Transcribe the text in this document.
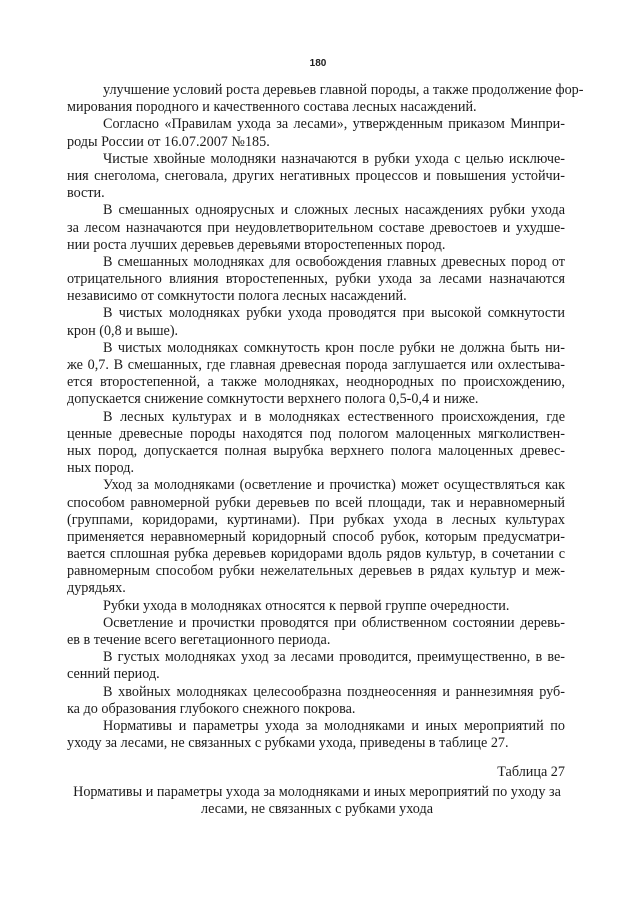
180
улучшение условий роста деревьев главной породы, а также продолжение фор-
мирования породного и качественного состава лесных насаждений.
Согласно «Правилам ухода за лесами», утвержденным приказом Минпри-
роды России от 16.07.2007 №185.
Чистые хвойные молодняки назначаются в рубки ухода с целью исключе-
ния снеголома, снеговала, других негативных процессов и повышения устойчи-
вости.
В смешанных одноярусных и сложных лесных насаждениях рубки ухода
за лесом назначаются при неудовлетворительном составе древостоев и ухудше-
нии роста лучших деревьев деревьями второстепенных пород.
В смешанных молодняках для освобождения главных древесных пород от
отрицательного влияния второстепенных, рубки ухода за лесами назначаются
независимо от сомкнутости полога лесных насаждений.
В чистых молодняках рубки ухода проводятся при высокой сомкнутости
крон (0,8 и выше).
В чистых молодняках сомкнутость крон после рубки не должна быть ни-
же 0,7. В смешанных, где главная древесная порода заглушается или охлестыва-
ется второстепенной, а также молодняках, неоднородных по происхождению,
допускается снижение сомкнутости верхнего полога 0,5-0,4 и ниже.
В лесных культурах и в молодняках естественного происхождения, где
ценные древесные породы находятся под пологом малоценных мягколиствен-
ных пород, допускается полная вырубка верхнего полога малоценных древес-
ных пород.
Уход за молодняками (осветление и прочистка) может осуществляться как
способом равномерной рубки деревьев по всей площади, так и неравномерный
(группами, коридорами, куртинами). При рубках ухода в лесных культурах
применяется неравномерный коридорный способ рубок, которым предусматри-
вается сплошная рубка деревьев коридорами вдоль рядов культур, в сочетании с
равномерным способом рубки нежелательных деревьев в рядах культур и меж-
дурядьях.
Рубки ухода в молодняках относятся к первой группе очередности.
Осветление и прочистки проводятся при облиственном состоянии деревь-
ев в течение всего вегетационного периода.
В густых молодняках уход за лесами проводится, преимущественно, в ве-
сенний период.
В хвойных молодняках целесообразна позднеосенняя и раннезимняя руб-
ка до образования глубокого снежного покрова.
Нормативы и параметры ухода за молодняками и иных мероприятий по
уходу за лесами, не связанных с рубками ухода, приведены в таблице 27.
Таблица 27
Нормативы и параметры ухода за молодняками и иных мероприятий по уходу за
лесами, не связанных с рубками ухода
